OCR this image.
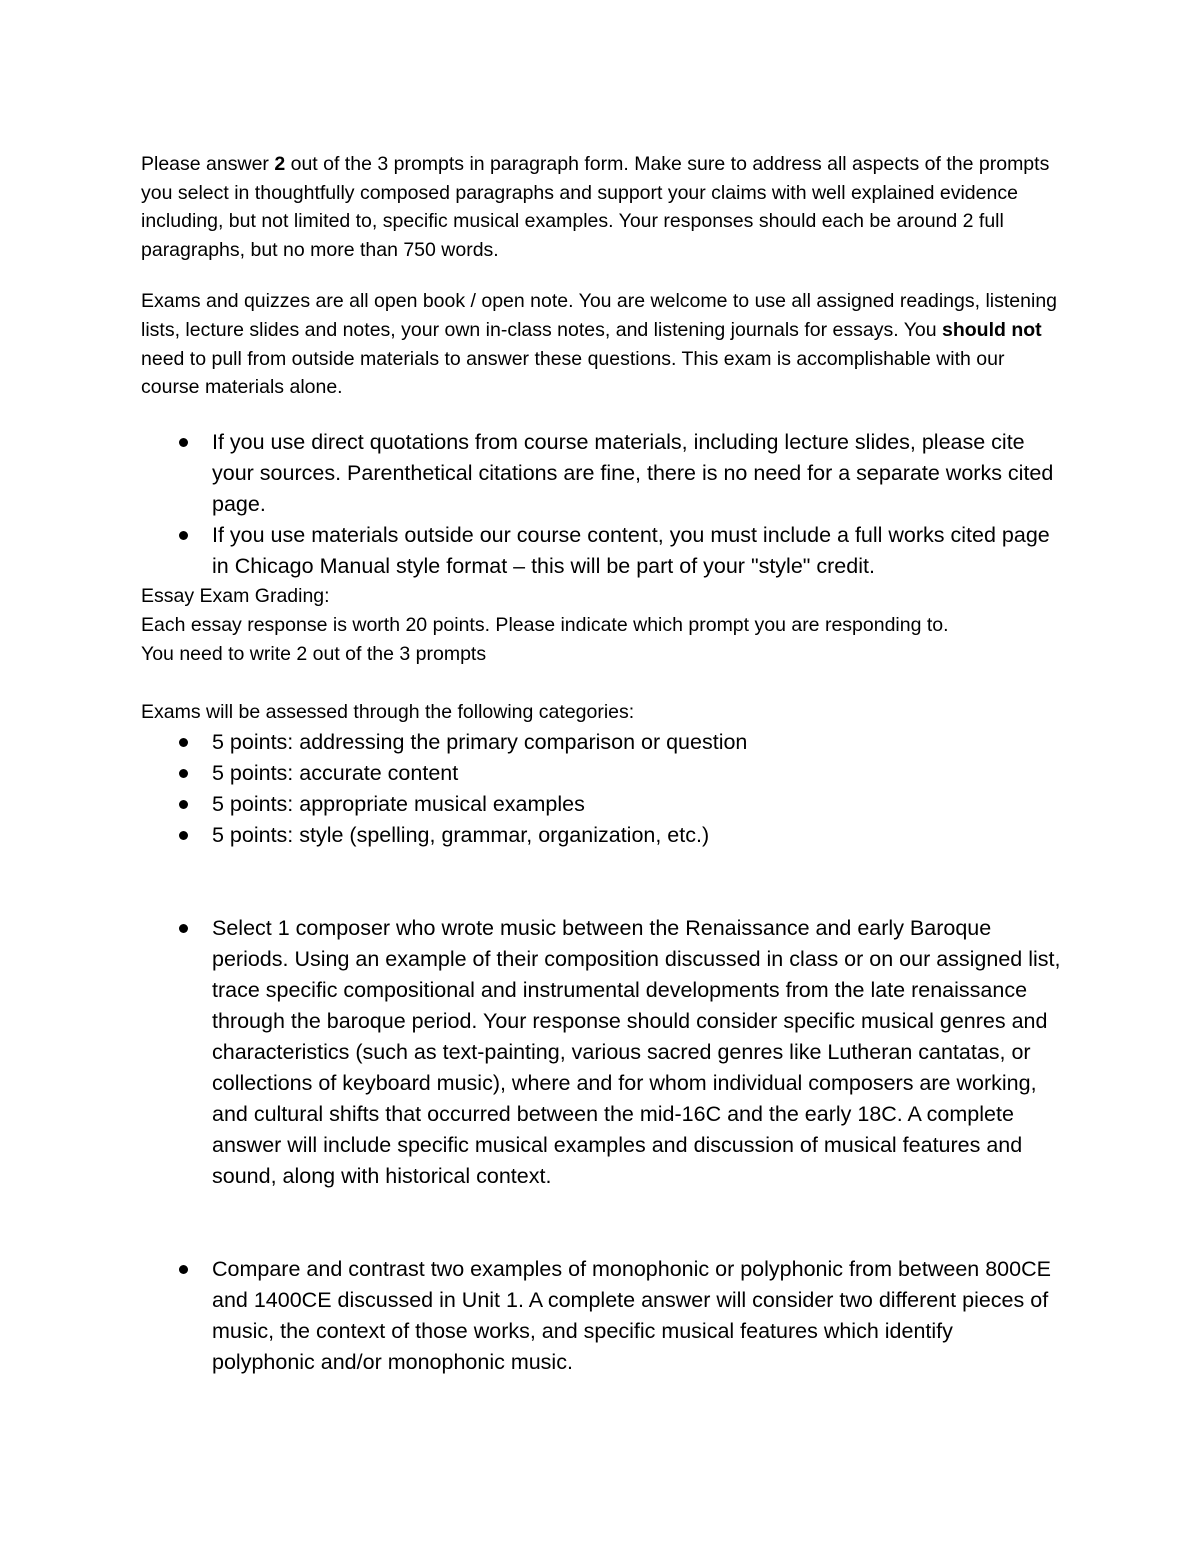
Please answer 2 out of the 3 prompts in paragraph form. Make sure to address all aspects of the prompts you select in thoughtfully composed paragraphs and support your claims with well explained evidence including, but not limited to, specific musical examples. Your responses should each be around 2 full paragraphs, but no more than 750 words.

Exams and quizzes are all open book / open note. You are welcome to use all assigned readings, listening lists, lecture slides and notes, your own in-class notes, and listening journals for essays. You should not need to pull from outside materials to answer these questions. This exam is accomplishable with our course materials alone.

If you use direct quotations from course materials, including lecture slides, please cite your sources. Parenthetical citations are fine, there is no need for a separate works cited page.
If you use materials outside our course content, you must include a full works cited page in Chicago Manual style format – this will be part of your "style" credit.

Essay Exam Grading:

Each essay response is worth 20 points. Please indicate which prompt you are responding to.

You need to write 2 out of the 3 prompts

Exams will be assessed through the following categories:

5 points: addressing the primary comparison or question
5 points: accurate content
5 points: appropriate musical examples
5 points: style (spelling, grammar, organization, etc.)
Select 1 composer who wrote music between the Renaissance and early Baroque periods. Using an example of their composition discussed in class or on our assigned list, trace specific compositional and instrumental developments from the late renaissance through the baroque period. Your response should consider specific musical genres and characteristics (such as text-painting, various sacred genres like Lutheran cantatas, or collections of keyboard music), where and for whom individual composers are working, and cultural shifts that occurred between the mid-16C and the early 18C. A complete answer will include specific musical examples and discussion of musical features and sound, along with historical context.
Compare and contrast two examples of monophonic or polyphonic from between 800CE and 1400CE discussed in Unit 1. A complete answer will consider two different pieces of music, the context of those works, and specific musical features which identify polyphonic and/or monophonic music.
